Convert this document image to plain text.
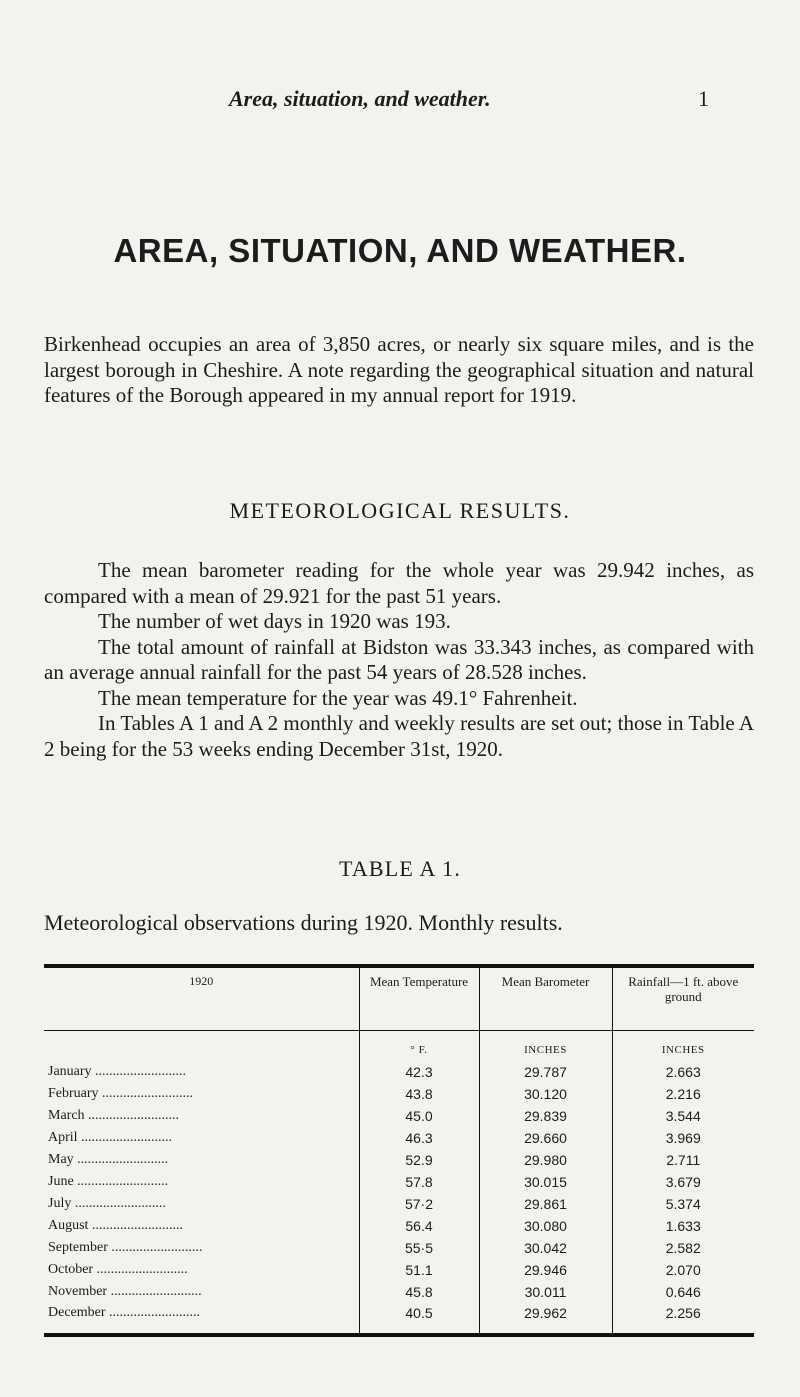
Area, situation, and weather.	1
AREA, SITUATION, AND WEATHER.

Birkenhead occupies an area of 3,850 acres, or nearly six square miles, and is the largest borough in Cheshire. A note regarding the geographical situation and natural features of the Borough appeared in my annual report for 1919.

METEOROLOGICAL RESULTS.

The mean barometer reading for the whole year was 29.942 inches, as compared with a mean of 29.921 for the past 51 years.

The number of wet days in 1920 was 193.

The total amount of rainfall at Bidston was 33.343 inches, as compared with an average annual rainfall for the past 54 years of 28.528 inches.

The mean temperature for the year was 49.1° Fahrenheit.

In Tables A 1 and A 2 monthly and weekly results are set out; those in Table A 2 being for the 53 weeks ending December 31st, 1920.

TABLE A 1.

Meteorological observations during 1920. Monthly results.

1920	Mean Temperature	Mean Barometer	Rainfall—1 ft. above ground
	° F.	INCHES	INCHES
January ..........................	42.3	29.787	2.663
February ..........................	43.8	30.120	2.216
March ..........................	45.0	29.839	3.544
April ..........................	46.3	29.660	3.969
May ..........................	52.9	29.980	2.711
June ..........................	57.8	30.015	3.679
July ..........................	57·2	29.861	5.374
August ..........................	56.4	30.080	1.633
September ..........................	55·5	30.042	2.582
October ..........................	51.1	29.946	2.070
November ..........................	45.8	30.011	0.646
December ..........................	40.5	29.962	2.256
